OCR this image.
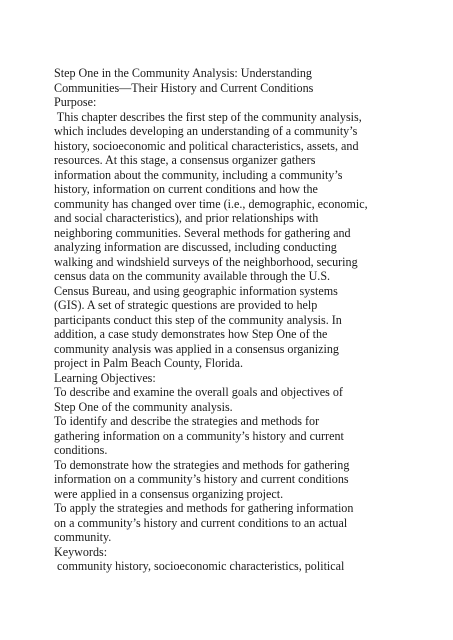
Step One in the Community Analysis: Understanding
Communities—Their History and Current Conditions
Purpose:
This chapter describes the first step of the community analysis,
which includes developing an understanding of a community’s
history, socioeconomic and political characteristics, assets, and
resources. At this stage, a consensus organizer gathers
information about the community, including a community’s
history, information on current conditions and how the
community has changed over time (i.e., demographic, economic,
and social characteristics), and prior relationships with
neighboring communities. Several methods for gathering and
analyzing information are discussed, including conducting
walking and windshield surveys of the neighborhood, securing
census data on the community available through the U.S.
Census Bureau, and using geographic information systems
(GIS). A set of strategic questions are provided to help
participants conduct this step of the community analysis. In
addition, a case study demonstrates how Step One of the
community analysis was applied in a consensus organizing
project in Palm Beach County, Florida.
Learning Objectives:
To describe and examine the overall goals and objectives of
Step One of the community analysis.
To identify and describe the strategies and methods for
gathering information on a community’s history and current
conditions.
To demonstrate how the strategies and methods for gathering
information on a community’s history and current conditions
were applied in a consensus organizing project.
To apply the strategies and methods for gathering information
on a community’s history and current conditions to an actual
community.
Keywords:
community history, socioeconomic characteristics, political
